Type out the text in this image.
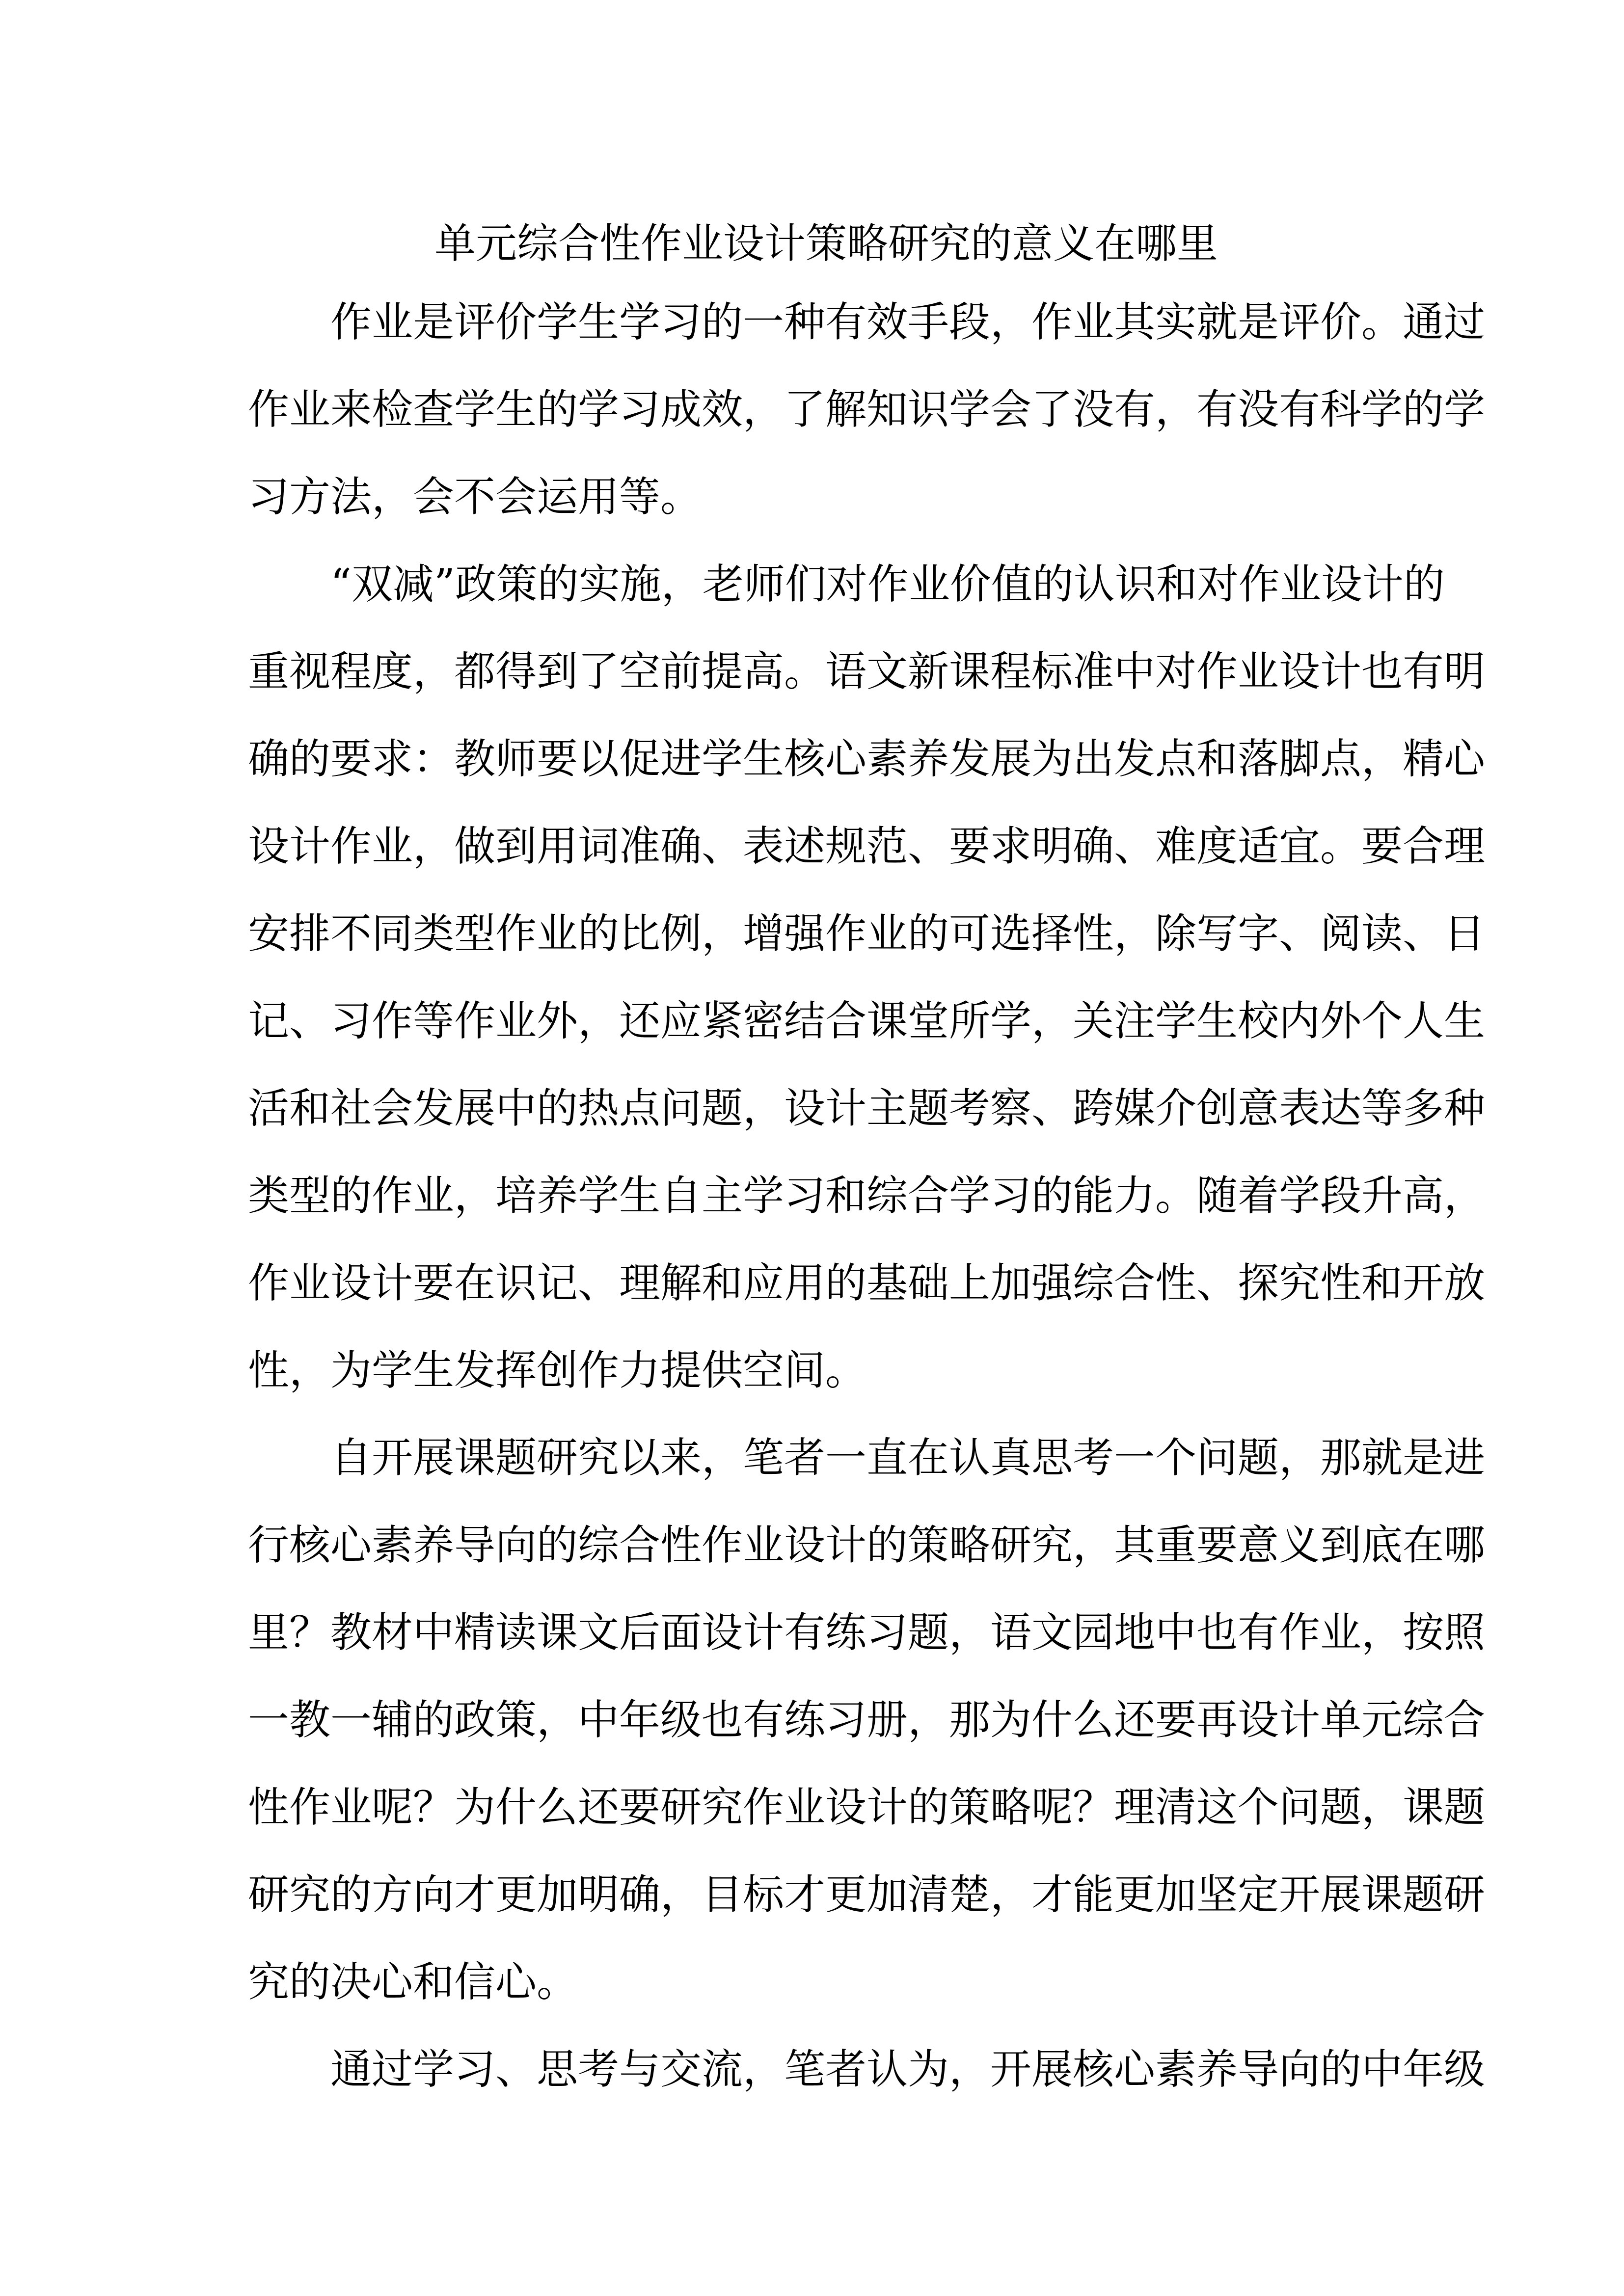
单元综合性作业设计策略研究的意义在哪里
作业是评价学生学习的一种有效手段，作业其实就是评价。通过
作业来检查学生的学习成效，了解知识学会了没有，有没有科学的学
习方法，会不会运用等。
“双减”政策的实施，老师们对作业价值的认识和对作业设计的
重视程度，都得到了空前提高。语文新课程标准中对作业设计也有明
确的要求：教师要以促进学生核心素养发展为出发点和落脚点，精心
设计作业，做到用词准确、表述规范、要求明确、难度适宜。要合理
安排不同类型作业的比例，增强作业的可选择性，除写字、阅读、日
记、习作等作业外，还应紧密结合课堂所学，关注学生校内外个人生
活和社会发展中的热点问题，设计主题考察、跨媒介创意表达等多种
类型的作业，培养学生自主学习和综合学习的能力。随着学段升高，
作业设计要在识记、理解和应用的基础上加强综合性、探究性和开放
性，为学生发挥创作力提供空间。
自开展课题研究以来，笔者一直在认真思考一个问题，那就是进
行核心素养导向的综合性作业设计的策略研究，其重要意义到底在哪
里？教材中精读课文后面设计有练习题，语文园地中也有作业，按照
一教一辅的政策，中年级也有练习册，那为什么还要再设计单元综合
性作业呢？为什么还要研究作业设计的策略呢？理清这个问题，课题
研究的方向才更加明确，目标才更加清楚，才能更加坚定开展课题研
究的决心和信心。
通过学习、思考与交流，笔者认为，开展核心素养导向的中年级
